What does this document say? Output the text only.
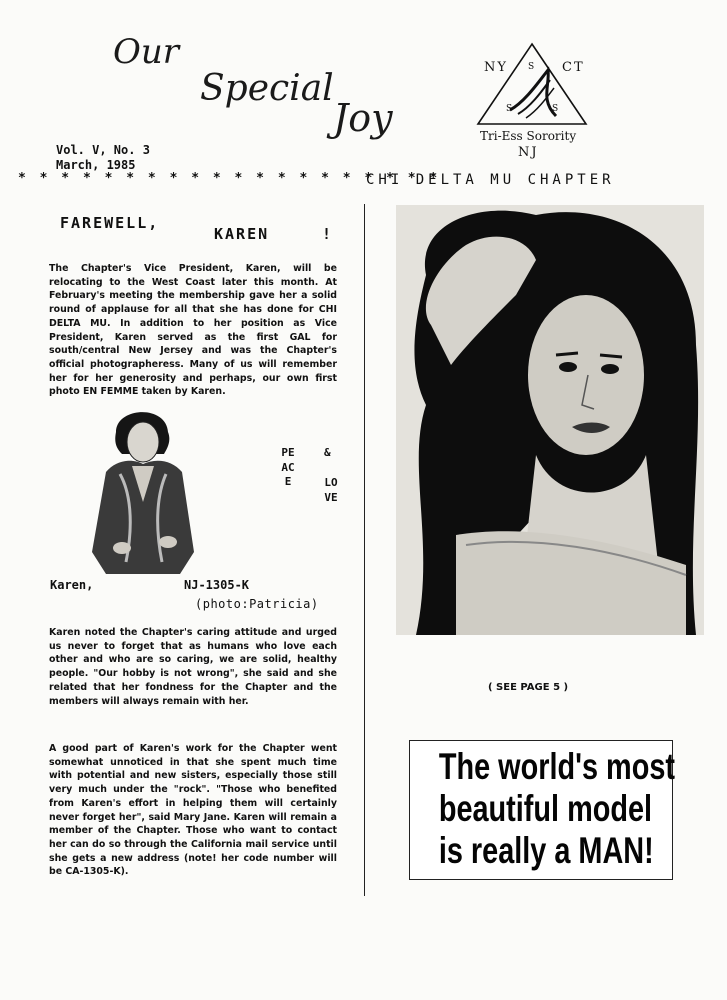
Our
Special
Joy
NY	CT
S
S	S
Tri-Ess Sorority
NJ
Vol. V, No. 3
March, 1985
* * * * * * * * * * * * * * * * * * * *
CHI DELTA MU CHAPTER
FAREWELL,
KAREN	!
The Chapter's Vice President, Karen, will be relocating to the West Coast later this month. At February's meeting the membership gave her a solid round of applause for all that she has done for CHI DELTA MU. In addition to her position as Vice President, Karen served as the first GAL for south/central New Jersey and was the Chapter's official photographeress. Many of us will remember her for her generosity and perhaps, our own first photo EN FEMME taken by Karen.
PEACE
&
LOVE
Karen,	NJ-1305-K
(photo:Patricia)
Karen noted the Chapter's caring attitude and urged us never to forget that as humans who love each other and who are so caring, we are solid, healthy people. "Our hobby is not wrong", she said and she related that her fondness for the Chapter and the members will always remain with her.
A good part of Karen's work for the Chapter went somewhat unnoticed in that she spent much time with potential and new sisters, especially those still very much under the "rock". "Those who benefited from Karen's effort in helping them will certainly never forget her", said Mary Jane. Karen will remain a member of the Chapter. Those who want to contact her can do so through the California mail service until she gets a new address (note! her code number will be CA-1305-K).
( SEE PAGE 5 )
The world's most
beautiful model
is really a MAN!
